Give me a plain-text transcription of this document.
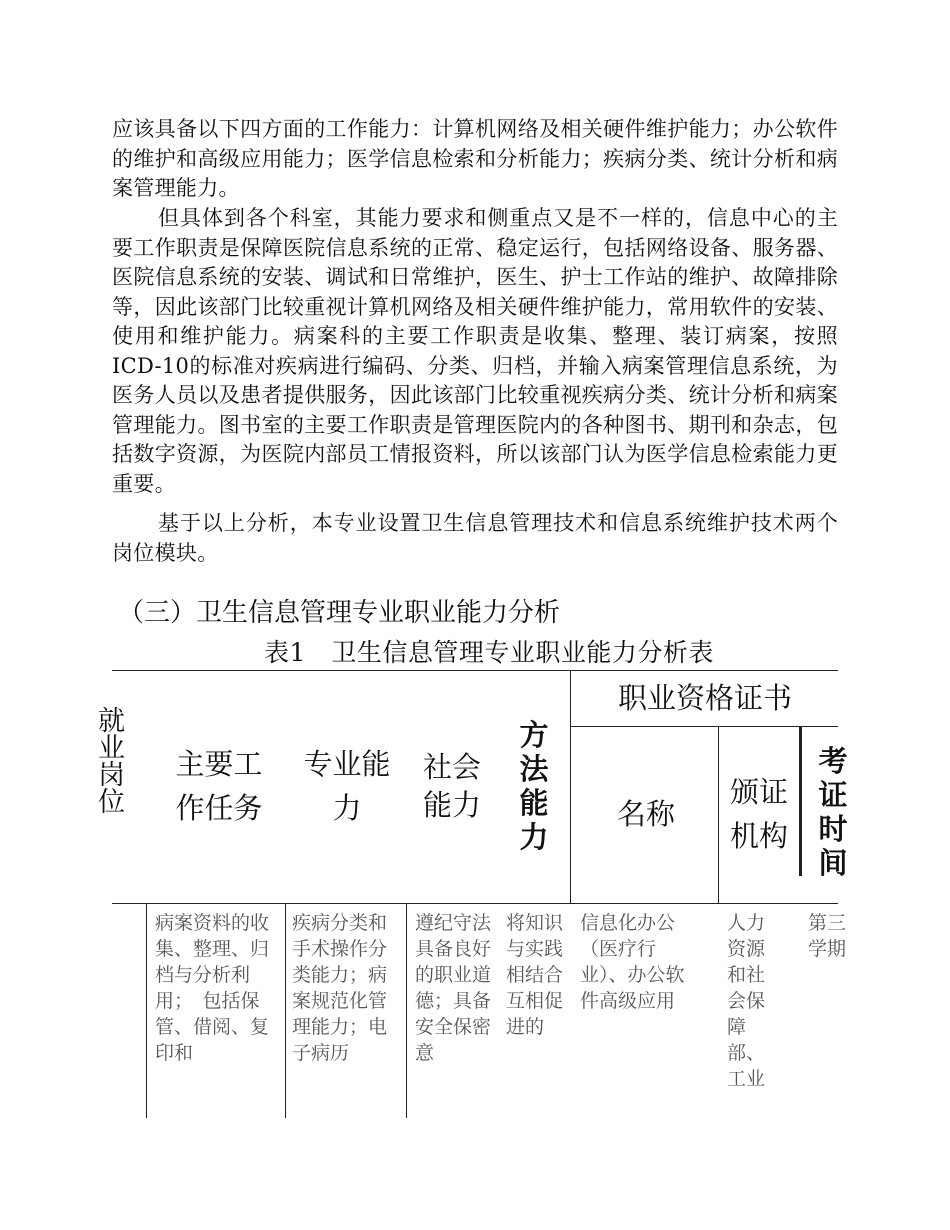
应该具备以下四方面的工作能力：计算机网络及相关硬件维护能力；办公软件的维护和高级应用能力；医学信息检索和分析能力；疾病分类、统计分析和病案管理能力。

但具体到各个科室，其能力要求和侧重点又是不一样的，信息中心的主要工作职责是保障医院信息系统的正常、稳定运行，包括网络设备、服务器、医院信息系统的安装、调试和日常维护，医生、护士工作站的维护、故障排除等，因此该部门比较重视计算机网络及相关硬件维护能力，常用软件的安装、使用和维护能力。病案科的主要工作职责是收集、整理、装订病案，按照ICD-10的标准对疾病进行编码、分类、归档，并输入病案管理信息系统，为医务人员以及患者提供服务，因此该部门比较重视疾病分类、统计分析和病案管理能力。图书室的主要工作职责是管理医院内的各种图书、期刊和杂志，包括数字资源，为医院内部员工情报资料，所以该部门认为医学信息检索能力更重要。

基于以上分析，本专业设置卫生信息管理技术和信息系统维护技术两个岗位模块。

（三）卫生信息管理专业职业能力分析
表1　卫生信息管理专业职业能力分析表
就业岗位	主要工作任务
专业能力
社会能力
方法能力
职业资格证书
名称
颁证机构
考证时间
病案资料的收集、整理、归档与分析利用；　包括保管、借阅、复印和
疾病分类和手术操作分类能力；病案规范化管理能力；电子病历
遵纪守法具备良好的职业道德；具备安全保密意
将知识与实践相结合互相促进的
信息化办公（医疗行业）、办公软件高级应用
人力资源和社会保障部、工业
第三学期
